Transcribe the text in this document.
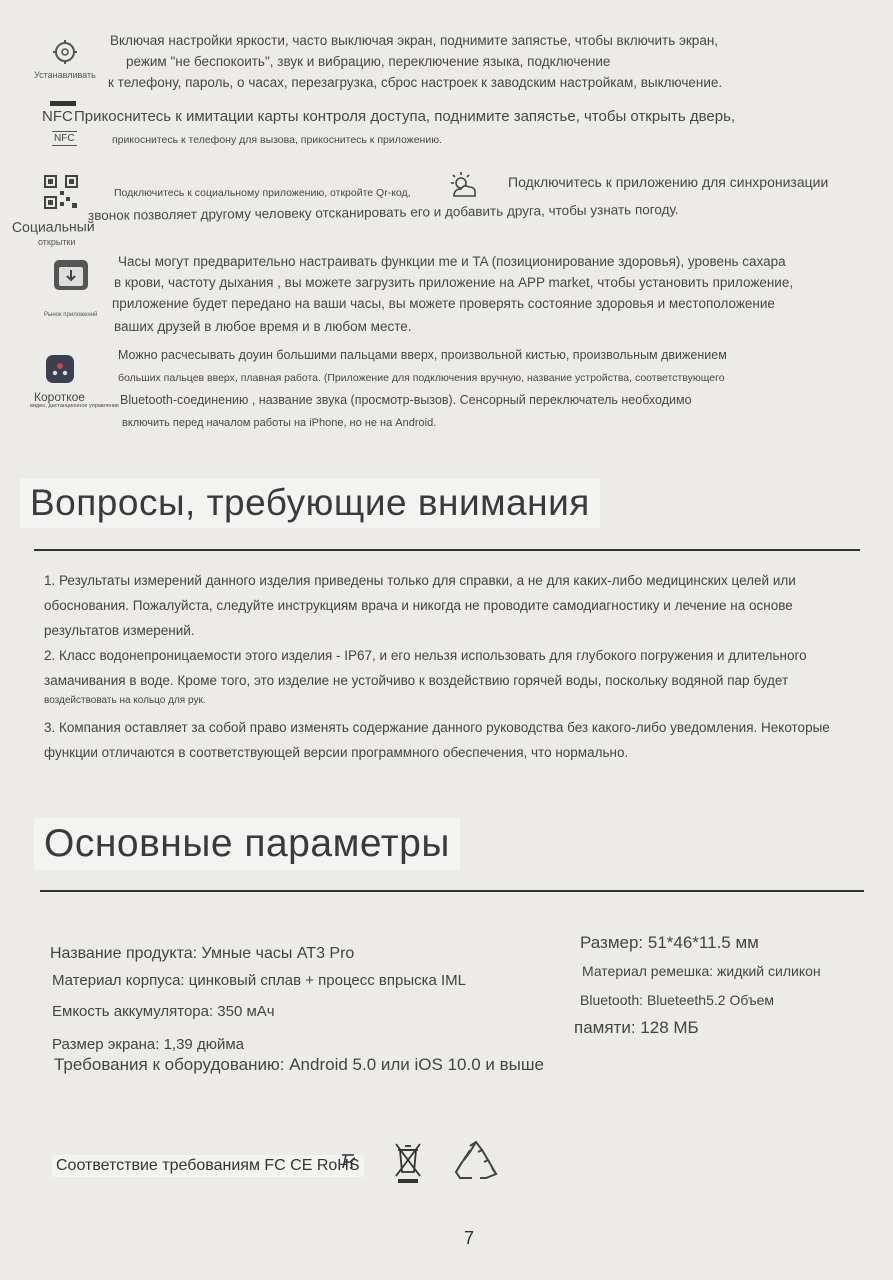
Устанавливать
Включая настройки яркости, часто выключая экран, поднимите запястье, чтобы включить экран,
режим "не беспокоить", звук и вибрацию, переключение языка, подключение
к телефону, пароль, о часах, перезагрузка, сброс настроек к заводским настройкам, выключение.
NFC Прикоснитесь к имитации карты контроля доступа, поднимите запястье, чтобы открыть дверь,
NFC	прикоснитесь к телефону для вызова, прикоснитесь к приложению.
Подключитесь к социальному приложению, откройте Qr-код,
Подключитесь к приложению для синхронизации
Социальный
звонок позволяет другому человеку отсканировать его и добавить друга, чтобы узнать погоду.
открытки
Рынок приложений
Часы могут предварительно настраивать функции me и TA (позиционирование здоровья), уровень сахара
в крови, частоту дыхания , вы можете загрузить приложение на APP market, чтобы установить приложение,
приложение будет передано на ваши часы, вы можете проверять состояние здоровья и местоположение
ваших друзей в любое время и в любом месте.
Короткое
видео, дистанционное управление
Можно расчесывать доуин большими пальцами вверх, произвольной кистью, произвольным движением
больших пальцев вверх, плавная работа. (Приложение для подключения вручную, название устройства, соответствующего
Bluetooth-соединению , название звука (просмотр-вызов). Сенсорный переключатель необходимо
включить перед началом работы на iPhone, но не на Android.
Вопросы, требующие внимания

1. Результаты измерений данного изделия приведены только для справки, а не для каких-либо медицинских целей или обоснования. Пожалуйста, следуйте инструкциям врача и никогда не проводите самодиагностику и лечение на основе результатов измерений.

2. Класс водонепроницаемости этого изделия - IP67, и его нельзя использовать для глубокого погружения и длительного замачивания в воде. Кроме того, это изделие не устойчиво к воздействию горячей воды, поскольку водяной пар будет

воздействовать на кольцо для рук.

3. Компания оставляет за собой право изменять содержание данного руководства без какого-либо уведомления. Некоторые функции отличаются в соответствующей версии программного обеспечения, что нормально.

Основные параметры
Название продукта: Умные часы AT3 Pro
Материал корпуса: цинковый сплав + процесс впрыска IML
Емкость аккумулятора: 350 мАч
Размер экрана: 1,39 дюйма
Требования к оборудованию: Android 5.0 или iOS 10.0 и выше
Размер: 51*46*11.5 мм
Материал ремешка: жидкий силикон
Bluetooth: Blueteeth5.2 Объем
памяти: 128 МБ
Соответствие требованиям FC CE RoHS
7
